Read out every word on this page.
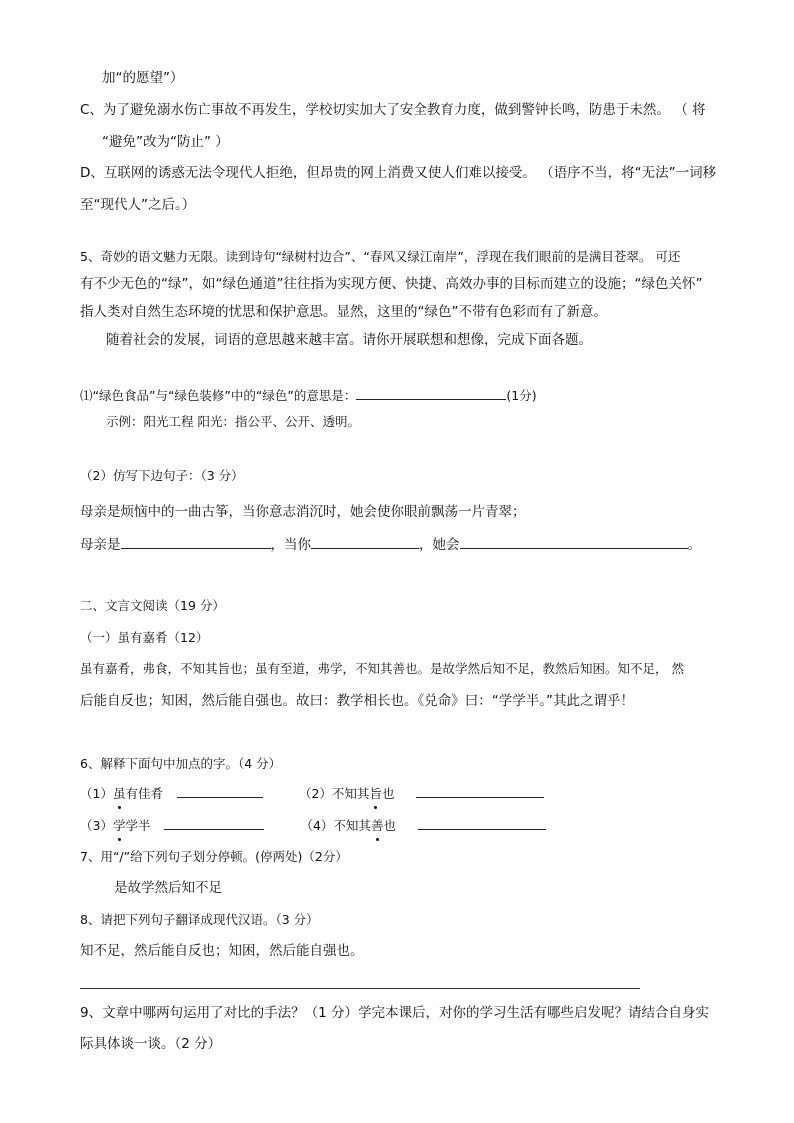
加“的愿望”）
C、为了避免溺水伤亡事故不再发生，学校切实加大了安全教育力度，做到警钟长鸣，防患于未然。 （ 将
“避免”改为“防止” ）
D、互联网的诱惑无法令现代人拒绝，但昂贵的网上消费又使人们难以接受。 （语序不当，将“无法”一词移
至“现代人”之后。）
5、奇妙的语文魅力无限。读到诗句“绿树村边合”、“春风又绿江南岸”，浮现在我们眼前的是满目苍翠。 可还
有不少无色的“绿”，如“绿色通道”往往指为实现方便、快捷、高效办事的目标而建立的设施；“绿色关怀”
指人类对自然生态环境的忧思和保护意思。显然，这里的“绿色”不带有色彩而有了新意。
随着社会的发展，词语的意思越来越丰富。请你开展联想和想像，完成下面各题。
⑴“绿色食品”与“绿色装修”中的“绿色”的意思是：	(1分)
示例：阳光工程 阳光：指公平、公开、透明。
（2）仿写下边句子：（3 分）
母亲是烦恼中的一曲古筝，当你意志消沉时，她会使你眼前飘荡一片青翠；
母亲是	，当你	，她会	。
二、文言文阅读（19 分）
（一）虽有嘉肴（12）
虽有嘉肴，弗食，不知其旨也；虽有至道，弗学，不知其善也。是故学然后知不足，教然后知困。知不足， 然
后能自反也；知困，然后能自强也。故曰：教学相长也。《兑命》曰：“学学半。”其此之谓乎！
6、解释下面句中加点的字。（4 分）
（1）虽有佳肴	（2）不知其旨也
（3）学学半	（4）不知其善也
7、用“/”给下列句子划分停顿。(停两处)（2分）
是故学然后知不足
8、请把下列句子翻译成现代汉语。（3 分）
知不足，然后能自反也；知困，然后能自强也。
9、文章中哪两句运用了对比的手法？（1 分）学完本课后，对你的学习生活有哪些启发呢？请结合自身实
际具体谈一谈。（2 分）
